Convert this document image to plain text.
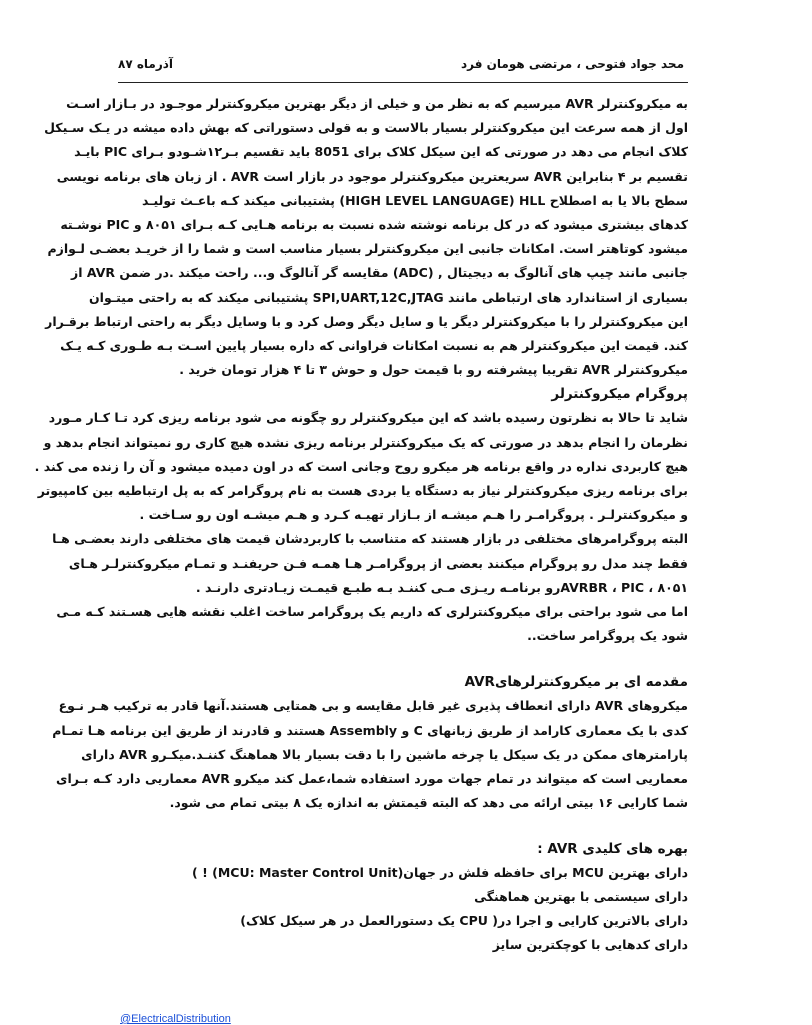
آذرماه ۸۷	محد جواد فتوحی ، مرتضی هومان فرد
به میکروکنترلر AVR میرسیم که به نظر من و خیلی از دیگر بهترین میکروکنترلر موجـود در بـازار اسـت
اول از همه سرعت این میکروکنترلر بسیار بالاست و به قولی دستوراتی که بهش داده میشه در یـک سـیکل
کلاک انجام می دهد در صورتی که این سیکل کلاک برای 8051 باید تقسیم بـر۱۲شـودو بـرای PIC بایـد
تقسیم بر ۴ بنابراین AVR سریعترین میکروکنترلر موجود در بازار است AVR . از زبان های برنامه نویسی
سطح بالا یا به اصطلاح HIGH LEVEL LANGUAGE) HLL) پشتیبانی میکند کـه باعـث تولیـد
کدهای بیشتری میشود که در کل برنامه نوشته شده نسبت به برنامه هـایی کـه بـرای ۸۰۵۱ و PIC نوشـته
میشود کوتاهتر است. امکانات جانبی این میکروکنترلر بسیار مناسب است و شما را از خریـد بعضـی لـوازم
جانبی مانند چیپ های آنالوگ به دیجیتال , (ADC) مقایسه گر آنالوگ و... راحت میکند .در ضمن AVR از
بسیاری از استاندارد های ارتباطی مانند SPI,UART,12C,JTAG پشتیبانی میکند که به راحتی میتـوان
این میکروکنترلر را با میکروکنترلر دیگر یا و سایل دیگر وصل کرد و با وسایل دیگر به راحتی ارتباط برقـرار
کند. قیمت این میکروکنترلر هم به نسبت امکانات فراوانی که داره بسیار پایین اسـت بـه طـوری کـه یـک
میکروکنترلر AVR تقریبا پیشرفته رو با قیمت حول و حوش ۳ تا ۴ هزار تومان خرید .
پروگرام میکروکنترلر
شاید تا حالا به نظرتون رسیده باشد که این میکروکنترلر رو چگونه می شود برنامه ریزی کرد تـا کـار مـورد
نظرمان را انجام بدهد در صورتی که یک میکروکنترلر برنامه ریزی نشده هیچ کاری رو نمیتواند انجام بدهد و
هیچ کاربردی نداره در واقع برنامه هر میکرو روح وجانی است که در اون دمیده میشود و آن را زنده می کند .
برای برنامه ریزی میکروکنترلر نیاز به دستگاه یا بردی هست به نام پروگرامر که به پل ارتباطیه بین کامپیوتر
و میکروکنترلـر . پروگرامـر را هـم میشـه از بـازار تهیـه کـرد و هـم میشـه اون رو سـاخت .
البته پروگرامرهای مختلفی در بازار هستند که متناسب با کاربردشان قیمت های مختلفی دارند بعضـی هـا
فقط چند مدل رو پروگرام میکنند بعضی از پروگرامـر هـا همـه فـن حریفنـد و تمـام میکروکنترلـر هـای
AVRBR ، PIC ، ۸۰۵۱رو برنامـه ریـزی مـی کننـد بـه طبـع قیمـت زیـادتری دارنـد .
اما می شود براحتی برای میکروکنترلری که داریم یک پروگرامر ساخت اغلب نقشه هایی هسـتند کـه مـی
شود یک پروگرامر ساخت..
مقدمه ای بر میکروکنترلرهایAVR
میکروهای AVR دارای انعطاف پذیری غیر قابل مقایسه و بی همتایی هستند.آنها قادر به ترکیب هـر نـوع
کدی با یک معماری کارامد از طریق زبانهای C و Assembly هستند و قادرند از طریق این برنامه هـا تمـام
پارامترهای ممکن در یک سیکل یا چرخه ماشین را با دقت بسیار بالا هماهنگ کننـد.میکـرو AVR دارای
معماریی است که میتواند در تمام جهات مورد استفاده شما،عمل کند میکرو AVR معماریی دارد کـه بـرای
شما کارایی ۱۶ بیتی ارائه می دهد که البته قیمتش به اندازه یک ۸ بیتی تمام می شود.
بهره های کلیدی AVR :
دارای بهترین MCU برای حافظه فلش در جهان(MCU: Master Control Unit) ! )
دارای سیستمی با بهترین هماهنگی
دارای بالاترین کارایی و اجرا در( CPU یک دستورالعمل در هر سیکل کلاک)
دارای کدهایی با کوچکترین سایز
@ElectricalDistribution
